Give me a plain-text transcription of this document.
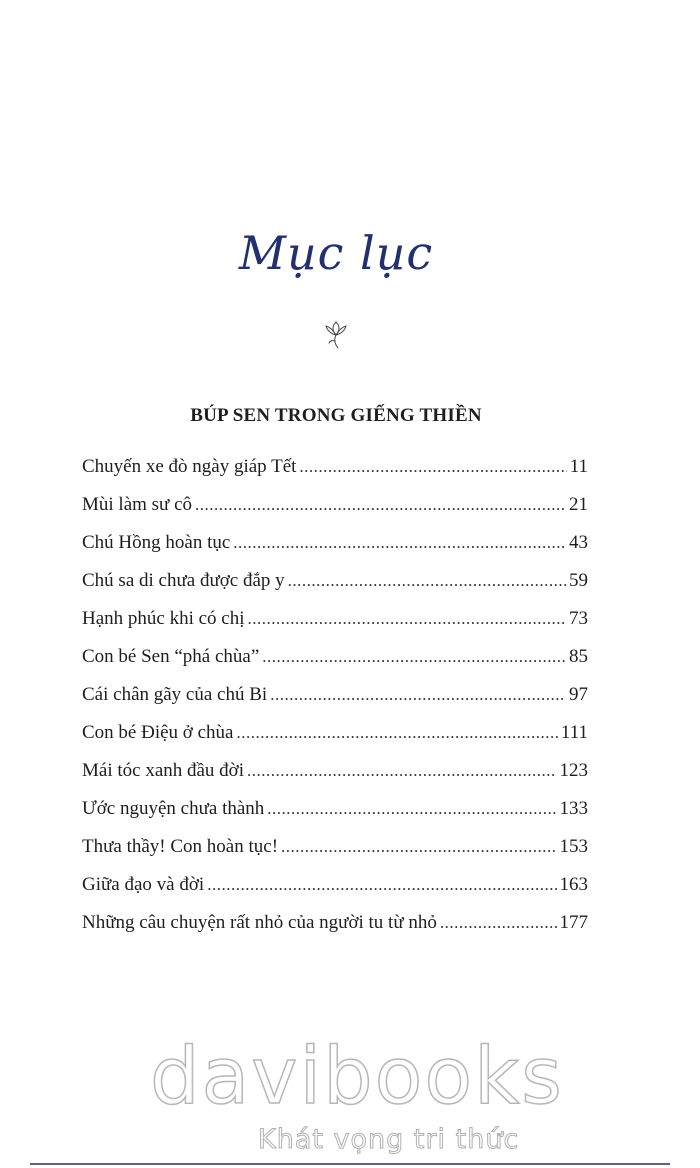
Mục lục
BÚP SEN TRONG GIẾNG THIỀN
Chuyến xe đò ngày giáp Tết .....	11
Mùi làm sư cô .....	21
Chú Hồng hoàn tục .....	43
Chú sa di chưa được đắp y .....	59
Hạnh phúc khi có chị .....	73
Con bé Sen “phá chùa” .....	85
Cái chân gãy của chú Bi .....	97
Con bé Điệu ở chùa .....	111
Mái tóc xanh đầu đời .....	123
Ước nguyện chưa thành .....	133
Thưa thầy! Con hoàn tục! .....	153
Giữa đạo và đời .....	163
Những câu chuyện rất nhỏ của người tu từ nhỏ .....	177
davibooks
Khát vọng tri thức
